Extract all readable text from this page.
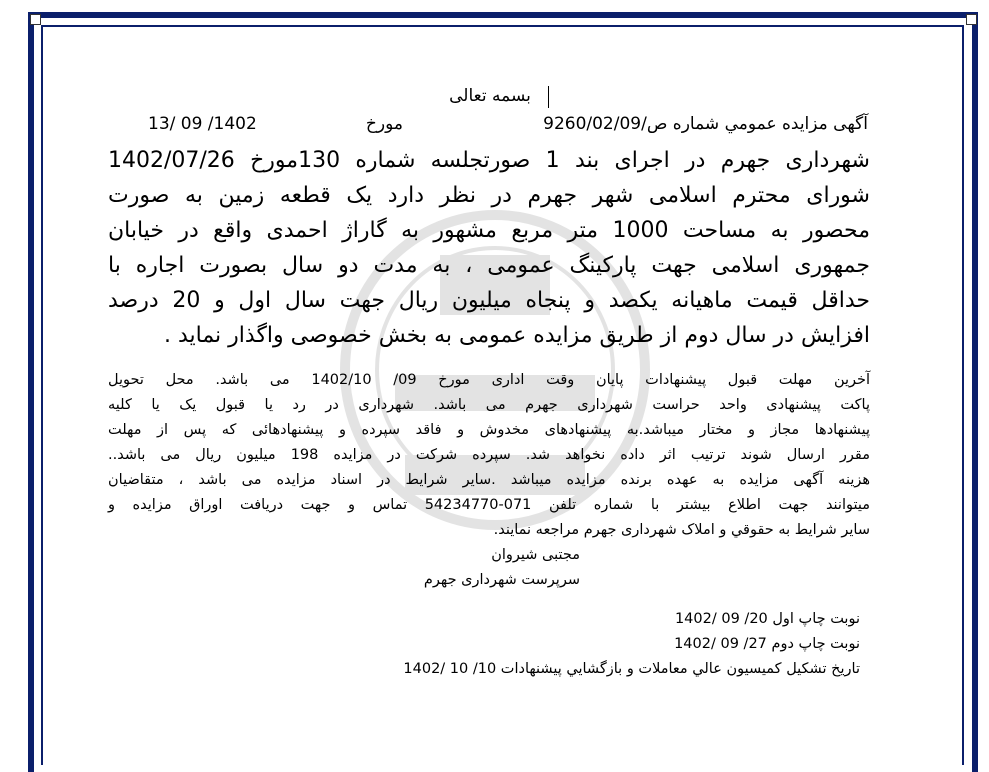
بسمه تعالی
آگهی مزایده عمومي شماره ص/9260/02/09
مورخ
13/ 09 /1402
شهرداری جهرم در اجرای بند 1 صورتجلسه شماره 130مورخ 1402/07/26
شورای محترم اسلامی شهر جهرم در نظر دارد یک قطعه زمین به صورت
محصور به مساحت 1000 متر مربع مشهور به گاراژ احمدی واقع در خیابان
جمهوری اسلامی جهت پارکینگ عمومی ، به مدت دو سال بصورت اجاره با
حداقل قیمت ماهیانه یکصد و پنجاه میلیون ریال جهت سال اول و 20 درصد
افزایش در سال دوم از طریق مزایده عمومی به بخش خصوصی واگذار نماید .
آخرین مهلت قبول پیشنهادات پایان وقت اداری مورخ 09/ 1402/10 می باشد. محل تحویل
پاکت پیشنهادی واحد حراست شهرداری جهرم می باشد. شهرداری در رد یا قبول یک یا کلیه
پیشنهادها مجاز و مختار میباشد.به پیشنهادهای مخدوش و فاقد سپرده و پیشنهادهائی که پس از مهلت
مقرر ارسال شوند ترتیب اثر داده نخواهد شد. سپرده شرکت در مزایده 198 میلیون ریال می باشد..
هزینه آگهی مزایده به عهده برنده مزایده میباشد .سایر شرایط در اسناد مزایده می باشد ، متقاضیان
میتوانند جهت اطلاع بیشتر با شماره تلفن 071-54234770 تماس و جهت دریافت اوراق مزایده و
سایر شرایط به حقوقي و املاک شهرداری جهرم مراجعه نمایند.
مجتبی شیروان
سرپرست شهرداری جهرم
نوبت چاپ اول 20/ 09 /1402
نوبت چاپ دوم 27/ 09 /1402
تاریخ تشکیل کمیسیون عالي معاملات و بازگشایي پیشنهادات 10/ 10 /1402
